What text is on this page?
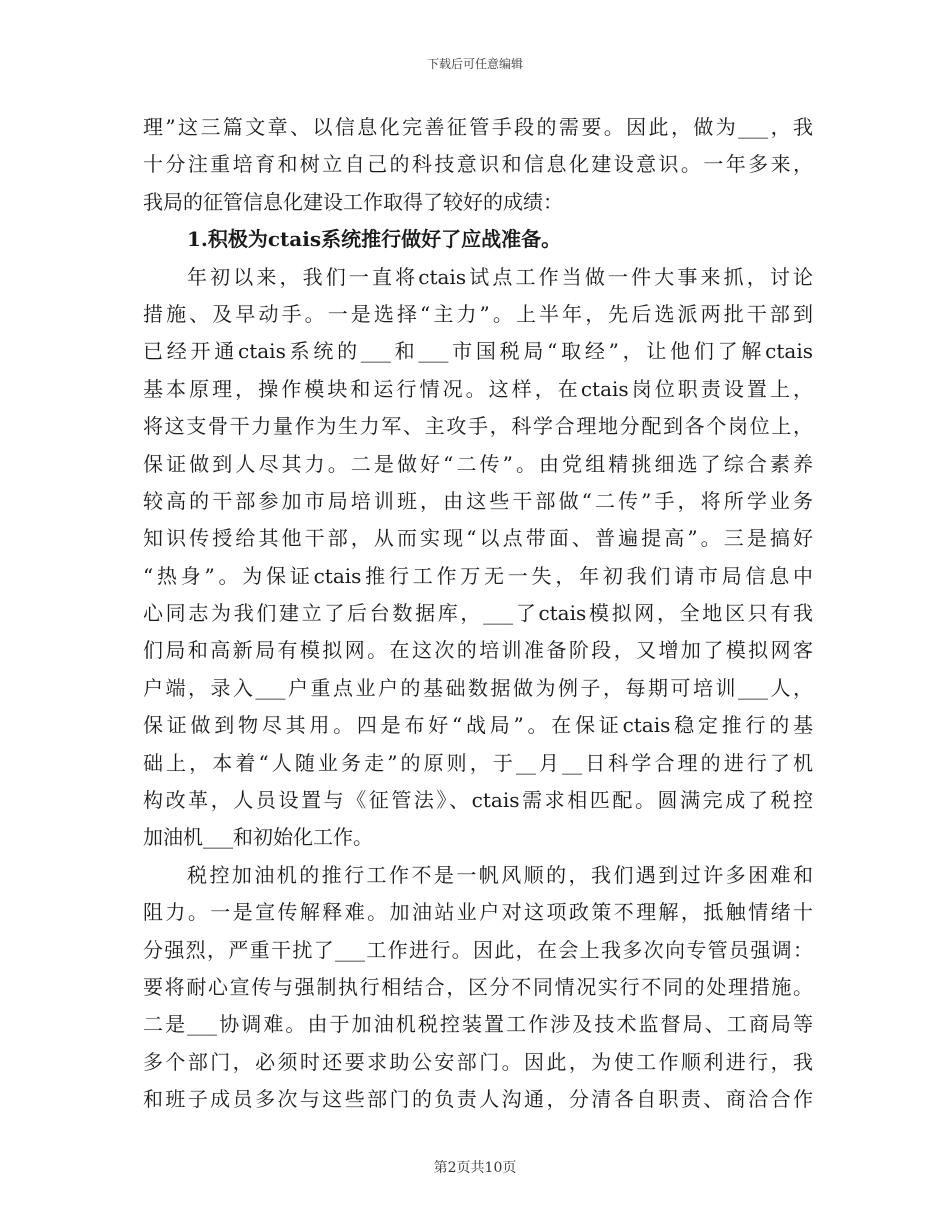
下载后可任意编辑
理”这三篇文章、以信息化完善征管手段的需要。因此，做为___，我
十分注重培育和树立自己的科技意识和信息化建设意识。一年多来，
我局的征管信息化建设工作取得了较好的成绩：
1.积极为ctais系统推行做好了应战准备。
年初以来，我们一直将ctais试点工作当做一件大事来抓，讨论
措施、及早动手。一是选择“主力”。上半年，先后选派两批干部到
已经开通ctais系统的___和___市国税局“取经”，让他们了解ctais
基本原理，操作模块和运行情况。这样，在ctais岗位职责设置上，
将这支骨干力量作为生力军、主攻手，科学合理地分配到各个岗位上，
保证做到人尽其力。二是做好“二传”。由党组精挑细选了综合素养
较高的干部参加市局培训班，由这些干部做“二传”手，将所学业务
知识传授给其他干部，从而实现“以点带面、普遍提高”。三是搞好
“热身”。为保证ctais推行工作万无一失，年初我们请市局信息中
心同志为我们建立了后台数据库，___了ctais模拟网，全地区只有我
们局和高新局有模拟网。在这次的培训准备阶段，又增加了模拟网客
户端，录入___户重点业户的基础数据做为例子，每期可培训___人，
保证做到物尽其用。四是布好“战局”。在保证ctais稳定推行的基
础上，本着“人随业务走”的原则，于__月__日科学合理的进行了机
构改革，人员设置与《征管法》、ctais需求相匹配。圆满完成了税控
加油机___和初始化工作。
税控加油机的推行工作不是一帆风顺的，我们遇到过许多困难和
阻力。一是宣传解释难。加油站业户对这项政策不理解，抵触情绪十
分强烈，严重干扰了___工作进行。因此，在会上我多次向专管员强调：
要将耐心宣传与强制执行相结合，区分不同情况实行不同的处理措施。
二是___协调难。由于加油机税控装置工作涉及技术监督局、工商局等
多个部门，必须时还要求助公安部门。因此，为使工作顺利进行，我
和班子成员多次与这些部门的负责人沟通，分清各自职责、商洽合作
第2页共10页
